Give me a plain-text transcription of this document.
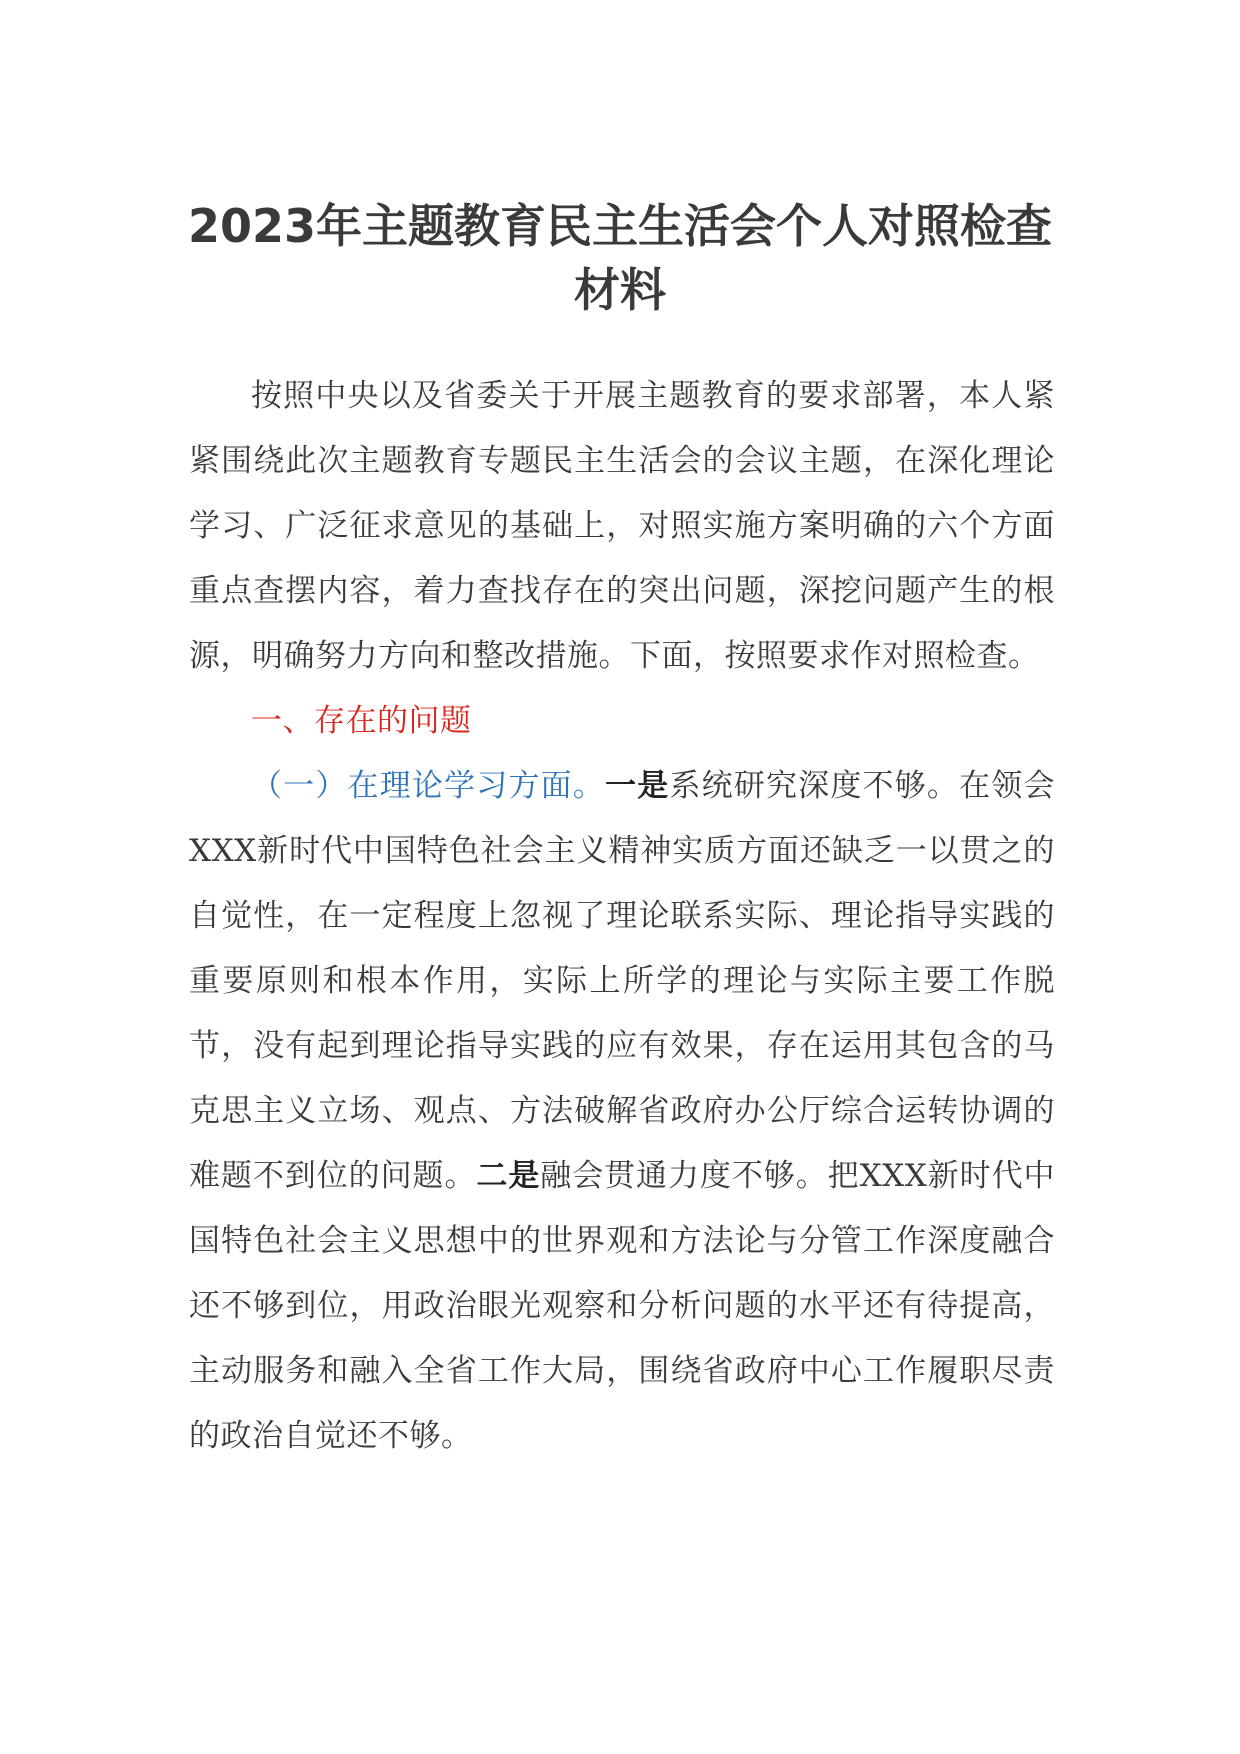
2023年主题教育民主生活会个人对照检查
材料

按照中央以及省委关于开展主题教育的要求部署，本人紧紧围绕此次主题教育专题民主生活会的会议主题，在深化理论学习、广泛征求意见的基础上，对照实施方案明确的六个方面重点查摆内容，着力查找存在的突出问题，深挖问题产生的根源，明确努力方向和整改措施。下面，按照要求作对照检查。

一、存在的问题

（一）在理论学习方面。一是系统研究深度不够。在领会XXX新时代中国特色社会主义精神实质方面还缺乏一以贯之的自觉性，在一定程度上忽视了理论联系实际、理论指导实践的重要原则和根本作用，实际上所学的理论与实际主要工作脱节，没有起到理论指导实践的应有效果，存在运用其包含的马克思主义立场、观点、方法破解省政府办公厅综合运转协调的难题不到位的问题。二是融会贯通力度不够。把XXX新时代中国特色社会主义思想中的世界观和方法论与分管工作深度融合还不够到位，用政治眼光观察和分析问题的水平还有待提高，主动服务和融入全省工作大局，围绕省政府中心工作履职尽责的政治自觉还不够。
